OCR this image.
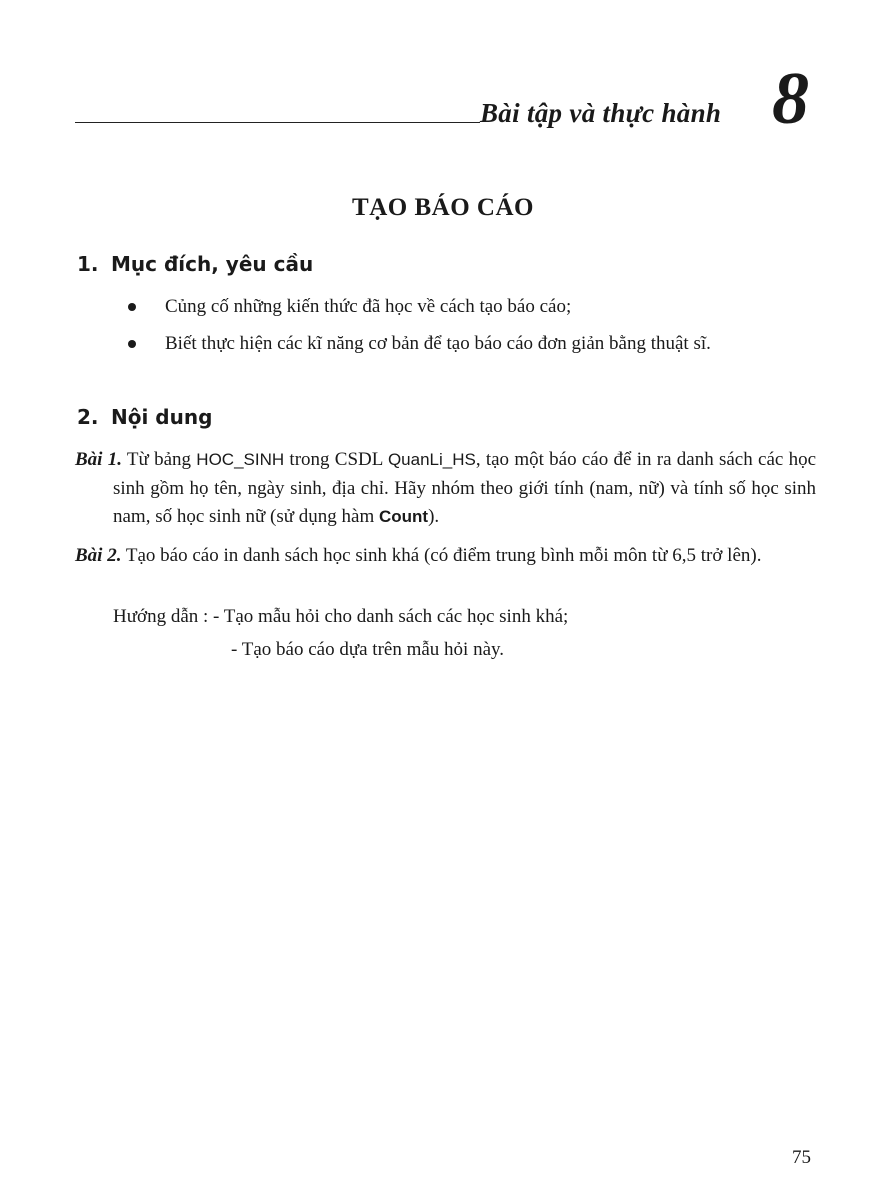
Bài tập và thực hành 8
TẠO BÁO CÁO
1. Mục đích, yêu cầu
Củng cố những kiến thức đã học về cách tạo báo cáo;
Biết thực hiện các kĩ năng cơ bản để tạo báo cáo đơn giản bằng thuật sĩ.
2. Nội dung
Bài 1. Từ bảng HOC_SINH trong CSDL QuanLi_HS, tạo một báo cáo để in ra danh sách các học sinh gồm họ tên, ngày sinh, địa chỉ. Hãy nhóm theo giới tính (nam, nữ) và tính số học sinh nam, số học sinh nữ (sử dụng hàm Count).
Bài 2. Tạo báo cáo in danh sách học sinh khá (có điểm trung bình mỗi môn từ 6,5 trở lên).
Hướng dẫn : - Tạo mẫu hỏi cho danh sách các học sinh khá;
- Tạo báo cáo dựa trên mẫu hỏi này.
75
